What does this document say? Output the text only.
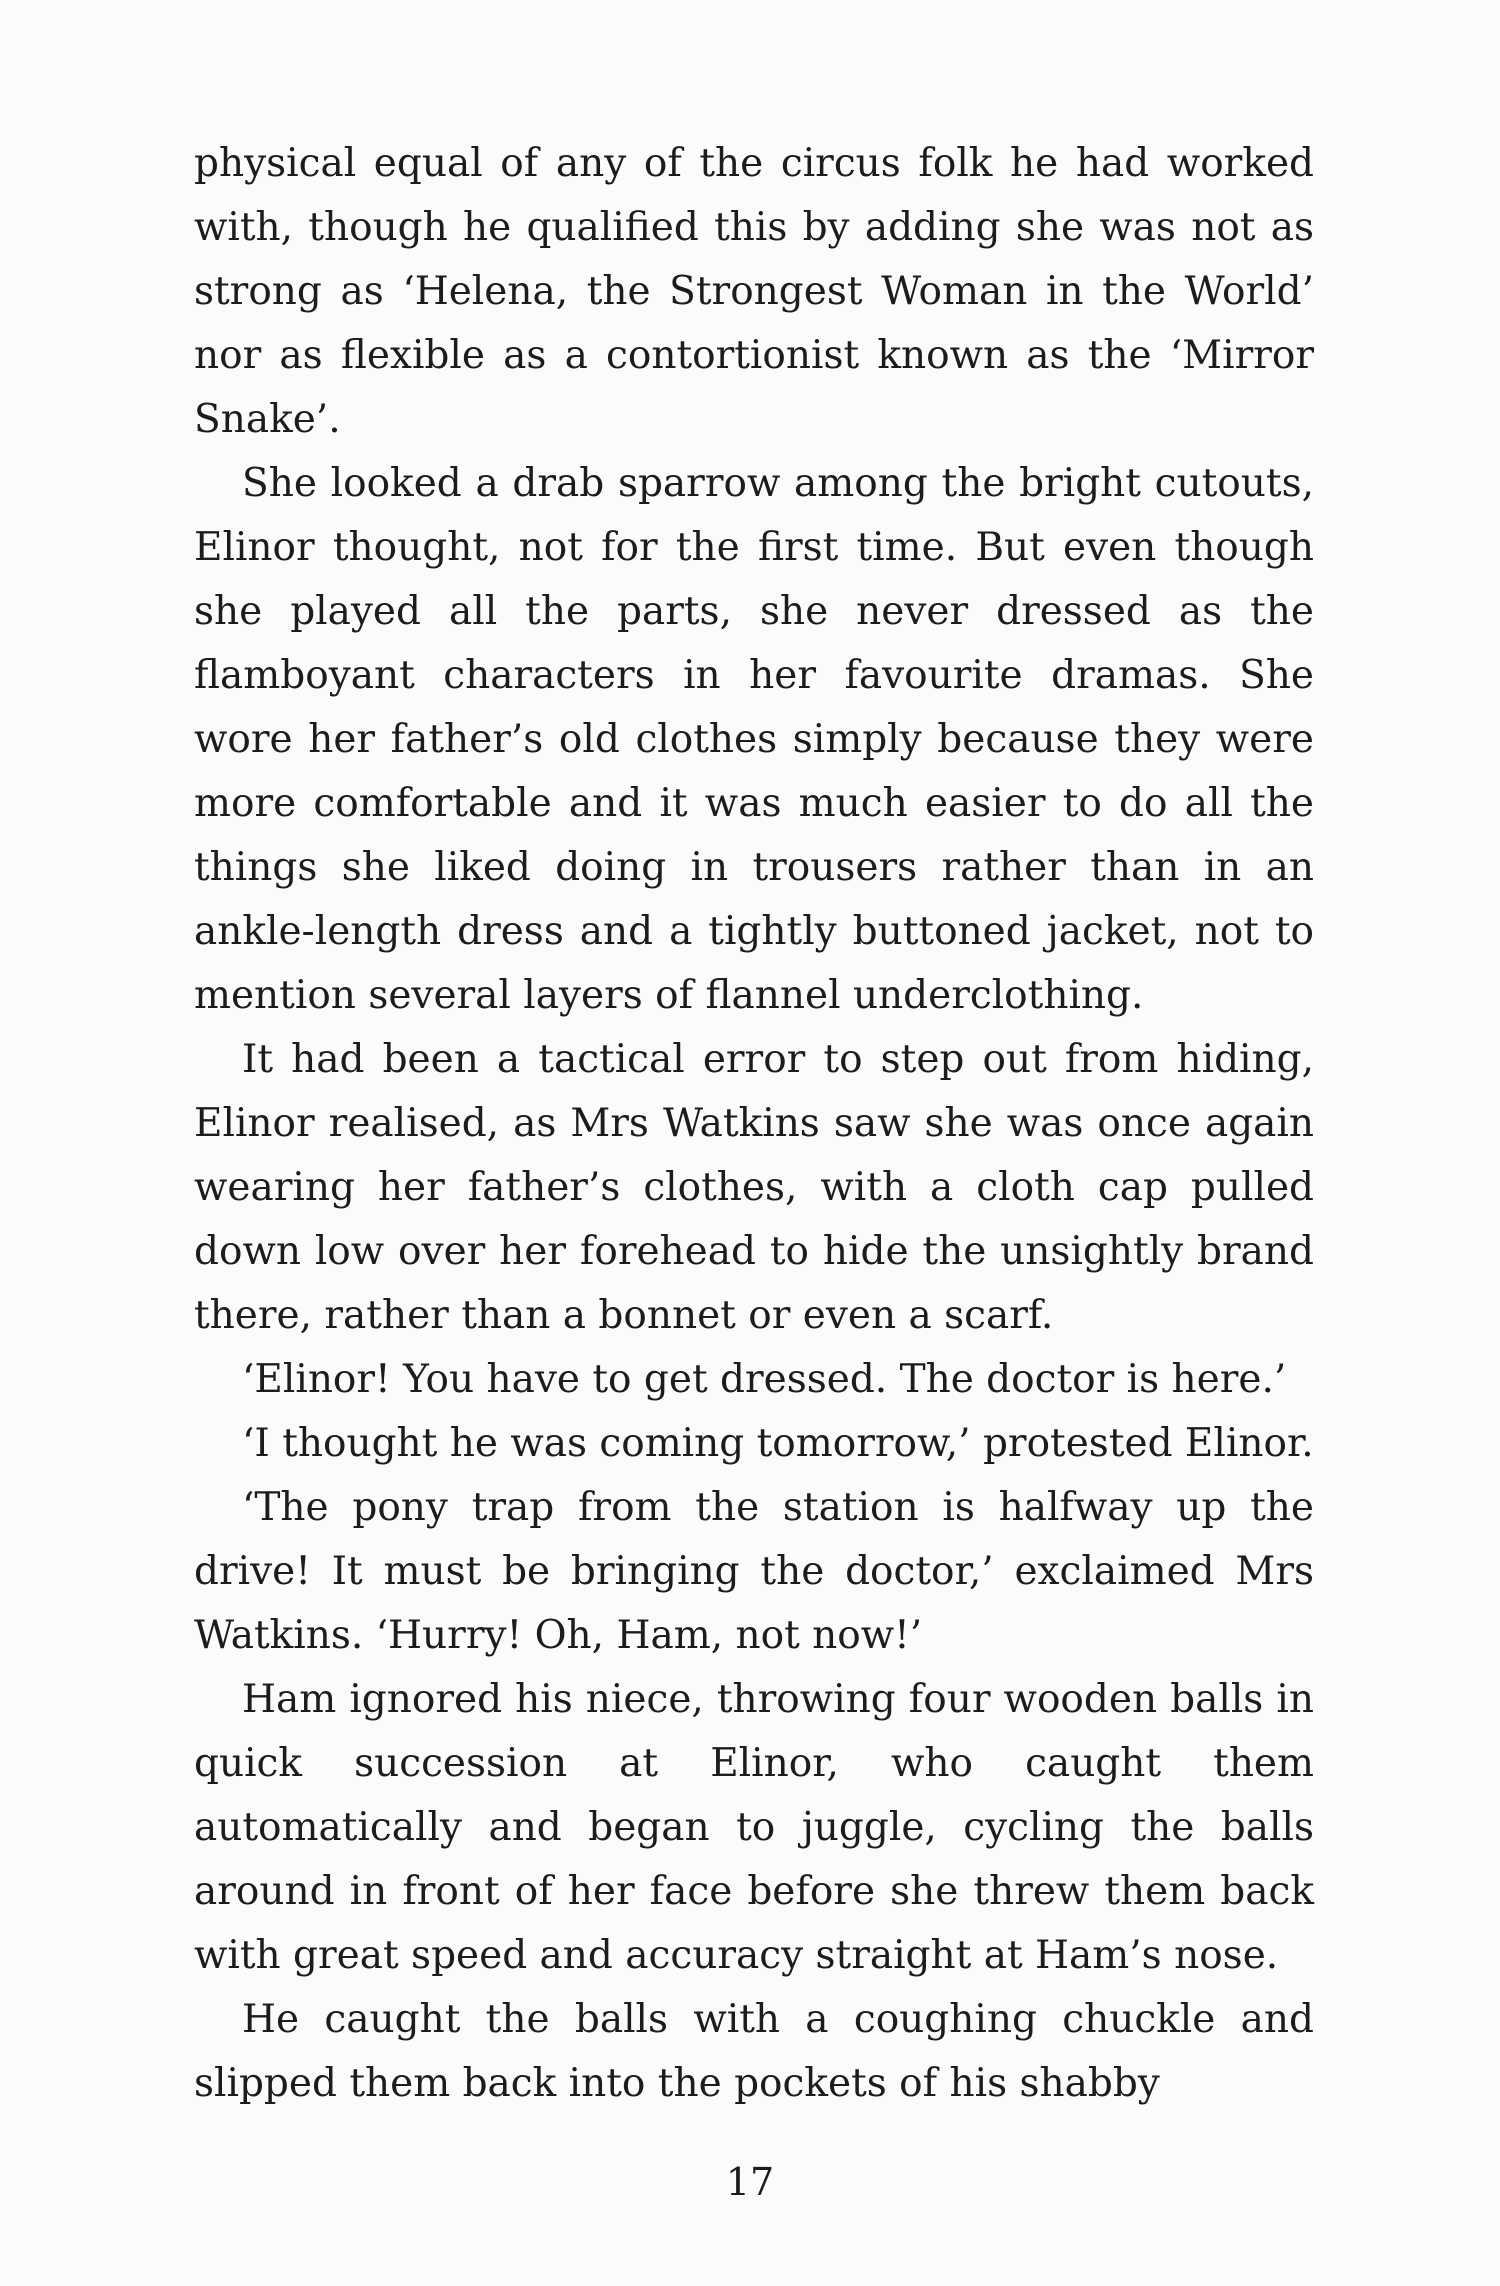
physical equal of any of the circus folk he had worked with, though he qualified this by adding she was not as strong as ‘Helena, the Strongest Woman in the World’ nor as flexible as a contortionist known as the ‘Mirror Snake’.

She looked a drab sparrow among the bright cutouts, Elinor thought, not for the first time. But even though she played all the parts, she never dressed as the flamboyant characters in her favourite dramas. She wore her father’s old clothes simply because they were more comfortable and it was much easier to do all the things she liked doing in trousers rather than in an ankle-length dress and a tightly buttoned jacket, not to mention several layers of flannel underclothing.

It had been a tactical error to step out from hiding, Elinor realised, as Mrs Watkins saw she was once again wearing her father’s clothes, with a cloth cap pulled down low over her forehead to hide the unsightly brand there, rather than a bonnet or even a scarf.

‘Elinor! You have to get dressed. The doctor is here.’

‘I thought he was coming tomorrow,’ protested Elinor.

‘The pony trap from the station is halfway up the drive! It must be bringing the doctor,’ exclaimed Mrs Watkins. ‘Hurry! Oh, Ham, not now!’

Ham ignored his niece, throwing four wooden balls in quick succession at Elinor, who caught them automatically and began to juggle, cycling the balls around in front of her face before she threw them back with great speed and accuracy straight at Ham’s nose.

He caught the balls with a coughing chuckle and slipped them back into the pockets of his shabby

17
